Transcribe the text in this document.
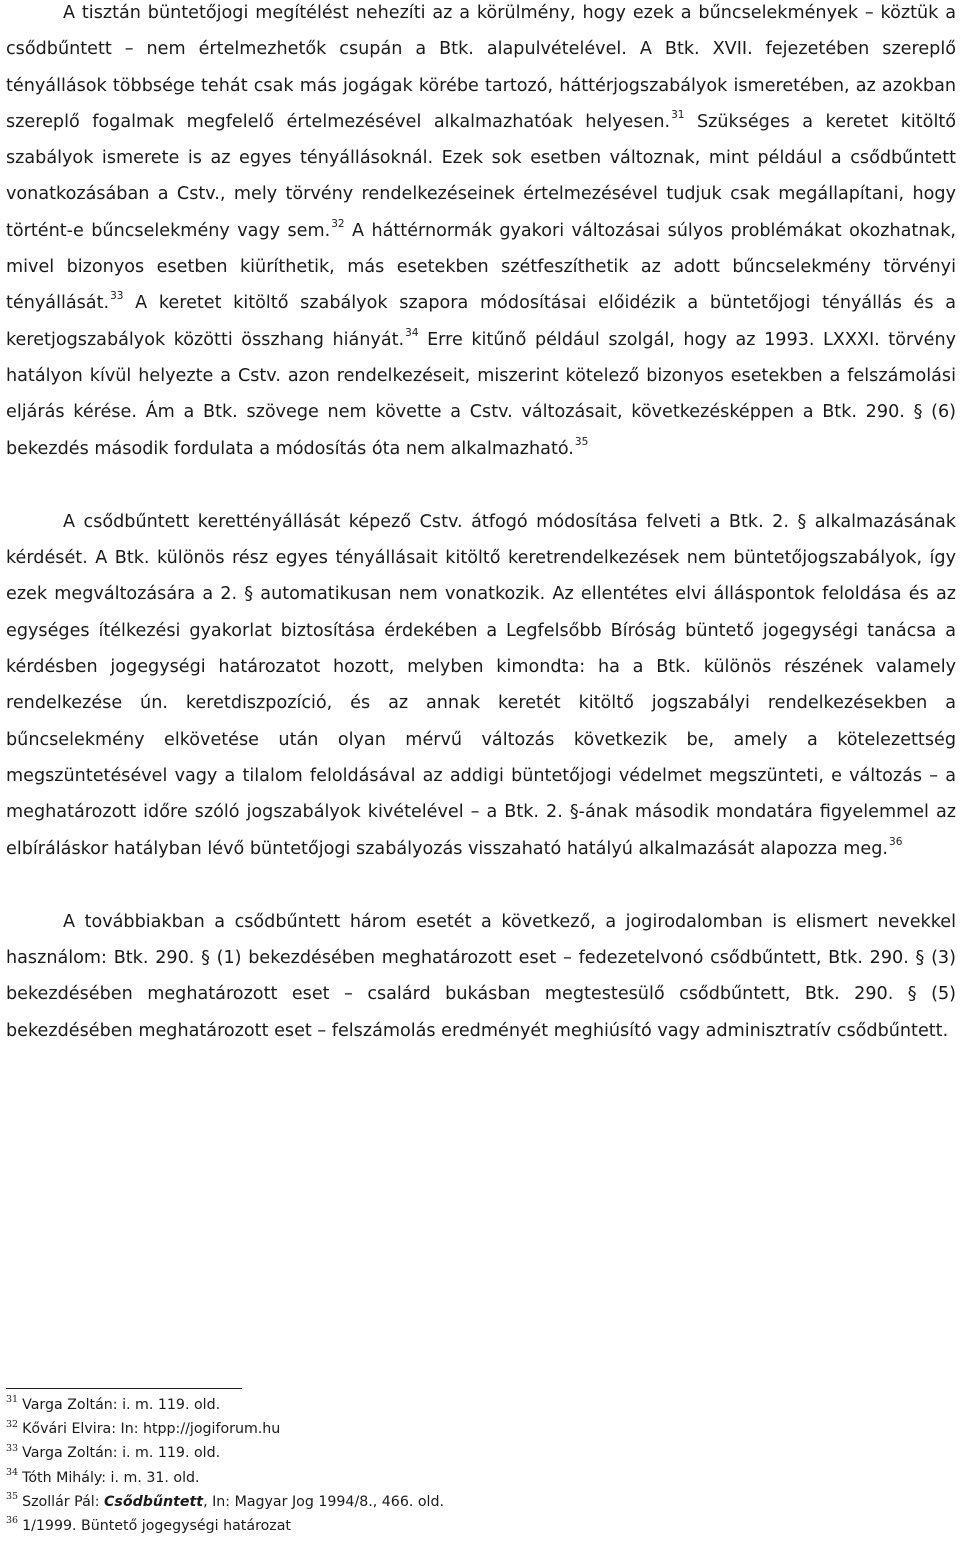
A tisztán büntetőjogi megítélést nehezíti az a körülmény, hogy ezek a bűncselekmények – köztük a csődbűntett – nem értelmezhetők csupán a Btk. alapulvételével. A Btk. XVII. fejezetében szereplő tényállások többsége tehát csak más jogágak körébe tartozó, háttérjogszabályok ismeretében, az azokban szereplő fogalmak megfelelő értelmezésével alkalmazhatóak helyesen.$^{31}$ Szükséges a keretet kitöltő szabályok ismerete is az egyes tényállásoknál. Ezek sok esetben változnak, mint például a csődbűntett vonatkozásában a Cstv., mely törvény rendelkezéseinek értelmezésével tudjuk csak megállapítani, hogy történt-e bűncselekmény vagy sem.$^{32}$ A háttérnormák gyakori változásai súlyos problémákat okozhatnak, mivel bizonyos esetben kiüríthetik, más esetekben szétfeszíthetik az adott bűncselekmény törvényi tényállását.$^{33}$ A keretet kitöltő szabályok szapora módosításai előidézik a büntetőjogi tényállás és a keretjogszabályok közötti összhang hiányát.$^{34}$ Erre kitűnő például szolgál, hogy az 1993. LXXXI. törvény hatályon kívül helyezte a Cstv. azon rendelkezéseit, miszerint kötelező bizonyos esetekben a felszámolási eljárás kérése. Ám a Btk. szövege nem követte a Cstv. változásait, következésképpen a Btk. 290. § (6) bekezdés második fordulata a módosítás óta nem alkalmazható.$^{35}$

A csődbűntett kerettényállását képező Cstv. átfogó módosítása felveti a Btk. 2. § alkalmazásának kérdését. A Btk. különös rész egyes tényállásait kitöltő keretrendelkezések nem büntetőjogszabályok, így ezek megváltozására a 2. § automatikusan nem vonatkozik. Az ellentétes elvi álláspontok feloldása és az egységes ítélkezési gyakorlat biztosítása érdekében a Legfelsőbb Bíróság büntető jogegységi tanácsa a kérdésben jogegységi határozatot hozott, melyben kimondta: ha a Btk. különös részének valamely rendelkezése ún. keretdiszpozíció, és az annak keretét kitöltő jogszabályi rendelkezésekben a bűncselekmény elkövetése után olyan mérvű változás következik be, amely a kötelezettség megszüntetésével vagy a tilalom feloldásával az addigi büntetőjogi védelmet megszünteti, e változás – a meghatározott időre szóló jogszabályok kivételével – a Btk. 2. §-ának második mondatára figyelemmel az elbíráláskor hatályban lévő büntetőjogi szabályozás visszaható hatályú alkalmazását alapozza meg.$^{36}$

A továbbiakban a csődbűntett három esetét a következő, a jogirodalomban is elismert nevekkel használom: Btk. 290. § (1) bekezdésében meghatározott eset – fedezetelvonó csődbűntett, Btk. 290. § (3) bekezdésében meghatározott eset – csalárd bukásban megtestesülő csődbűntett, Btk. 290. § (5) bekezdésében meghatározott eset – felszámolás eredményét meghiúsító vagy adminisztratív csődbűntett.

$^{31}$ Varga Zoltán: i. m. 119. old.
$^{32}$ Kővári Elvira: In: htpp://jogiforum.hu
$^{33}$ Varga Zoltán: i. m. 119. old.
$^{34}$ Tóth Mihály: i. m. 31. old.
$^{35}$ Szollár Pál: Csődbűntett, In: Magyar Jog 1994/8., 466. old.
$^{36}$ 1/1999. Büntető jogegységi határozat
